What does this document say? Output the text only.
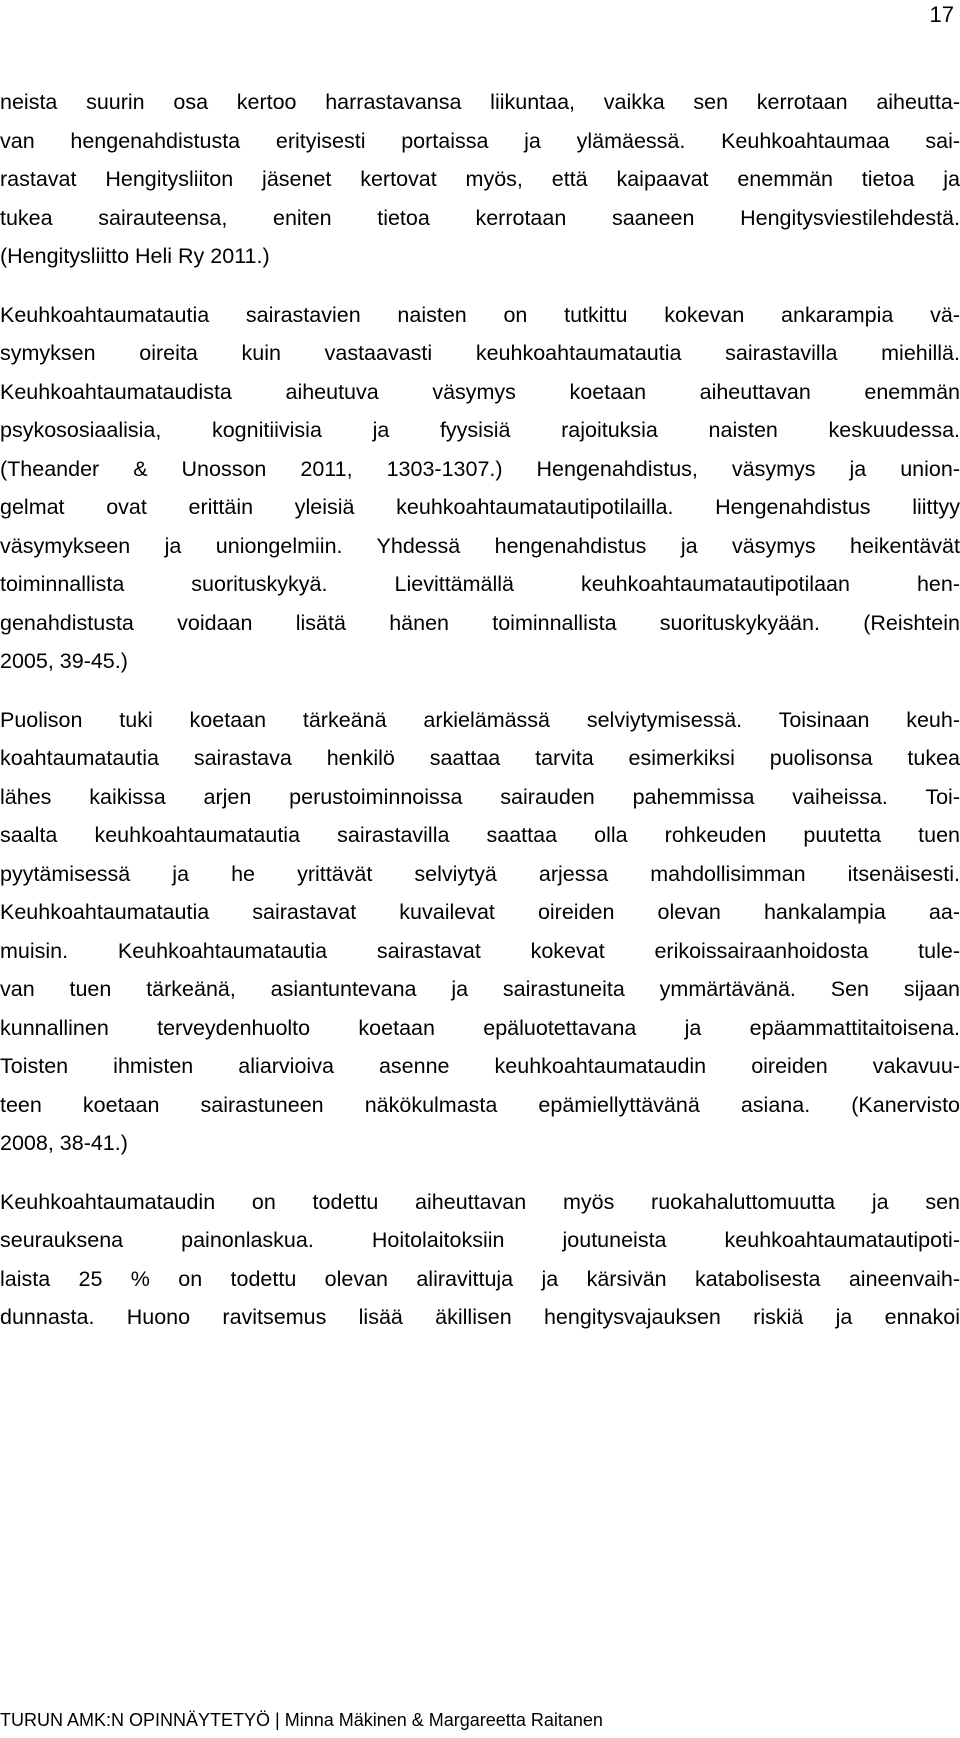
17
neista suurin osa kertoo harrastavansa liikuntaa, vaikka sen kerrotaan aiheutta-
van hengenahdistusta erityisesti portaissa ja ylämäessä. Keuhkoahtaumaa sai-
rastavat Hengitysliiton jäsenet kertovat myös, että kaipaavat enemmän tietoa ja
tukea sairauteensa, eniten tietoa kerrotaan saaneen Hengitysviestilehdestä.
(Hengitysliitto Heli Ry 2011.)
Keuhkoahtaumatautia sairastavien naisten on tutkittu kokevan ankarampia vä-
symyksen oireita kuin vastaavasti keuhkoahtaumatautia sairastavilla miehillä.
Keuhkoahtaumataudista aiheutuva väsymys koetaan aiheuttavan enemmän
psykososiaalisia, kognitiivisia ja fyysisiä rajoituksia naisten keskuudessa.
(Theander & Unosson 2011, 1303-1307.) Hengenahdistus, väsymys ja union-
gelmat ovat erittäin yleisiä keuhkoahtaumatautipotilailla. Hengenahdistus liittyy
väsymykseen ja uniongelmiin. Yhdessä hengenahdistus ja väsymys heikentävät
toiminnallista suorituskykyä. Lievittämällä keuhkoahtaumatautipotilaan hen-
genahdistusta voidaan lisätä hänen toiminnallista suorituskykyään. (Reishtein
2005, 39-45.)
Puolison tuki koetaan tärkeänä arkielämässä selviytymisessä. Toisinaan keuh-
koahtaumatautia sairastava henkilö saattaa tarvita esimerkiksi puolisonsa tukea
lähes kaikissa arjen perustoiminnoissa sairauden pahemmissa vaiheissa. Toi-
saalta keuhkoahtaumatautia sairastavilla saattaa olla rohkeuden puutetta tuen
pyytämisessä ja he yrittävät selviytyä arjessa mahdollisimman itsenäisesti.
Keuhkoahtaumatautia sairastavat kuvailevat oireiden olevan hankalampia aa-
muisin. Keuhkoahtaumatautia sairastavat kokevat erikoissairaanhoidosta tule-
van tuen tärkeänä, asiantuntevana ja sairastuneita ymmärtävänä. Sen sijaan
kunnallinen terveydenhuolto koetaan epäluotettavana ja epäammattitaitoisena.
Toisten ihmisten aliarvioiva asenne keuhkoahtaumataudin oireiden vakavuu-
teen koetaan sairastuneen näkökulmasta epämiellyttävänä asiana. (Kanervisto
2008, 38-41.)
Keuhkoahtaumataudin on todettu aiheuttavan myös ruokahaluttomuutta ja sen
seurauksena painonlaskua. Hoitolaitoksiin joutuneista keuhkoahtaumatautipoti-
laista 25 % on todettu olevan aliravittuja ja kärsivän katabolisesta aineenvaih-
dunnasta. Huono ravitsemus lisää äkillisen hengitysvajauksen riskiä ja ennakoi
TURUN AMK:N OPINNÄYTETYÖ | Minna Mäkinen & Margareetta Raitanen
